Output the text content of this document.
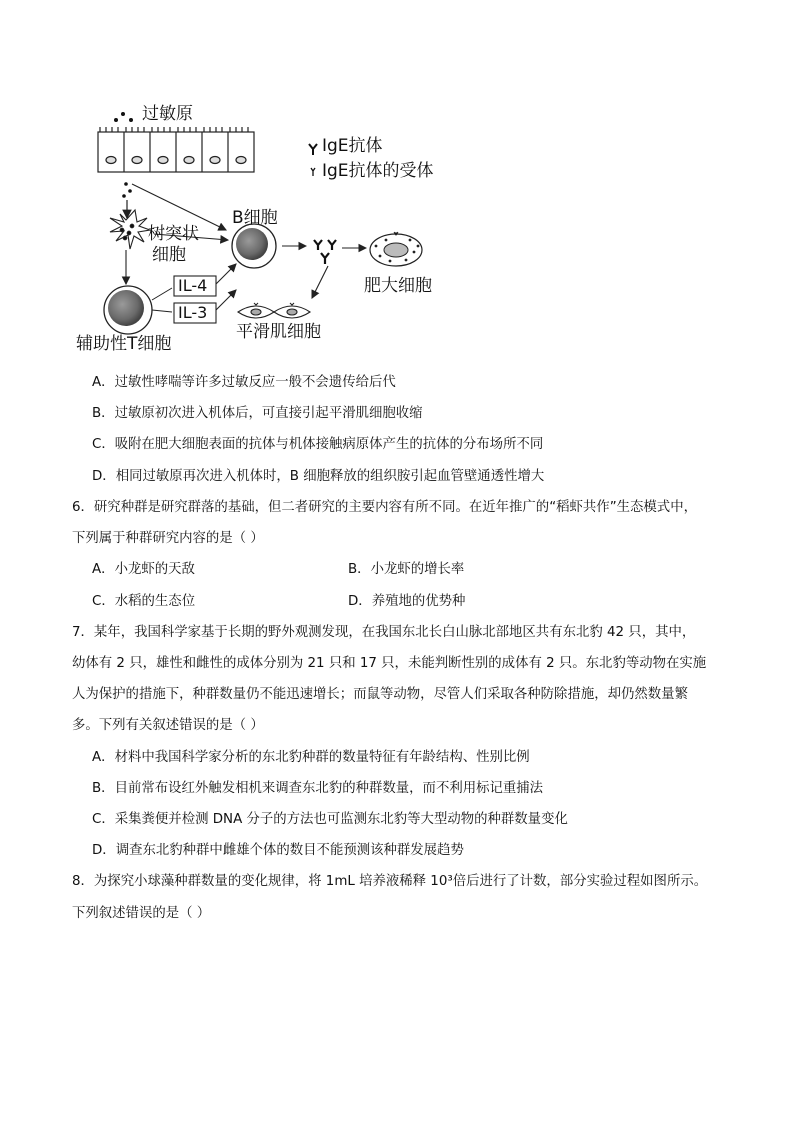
过敏原
IgE抗体
IgE抗体的受体
B细胞
树突状
细胞
肥大细胞
IL-4
IL-3
平滑肌细胞
辅助性T细胞
A．过敏性哮喘等许多过敏反应一般不会遗传给后代
B．过敏原初次进入机体后，可直接引起平滑肌细胞收缩
C．吸附在肥大细胞表面的抗体与机体接触病原体产生的抗体的分布场所不同
D．相同过敏原再次进入机体时，B 细胞释放的组织胺引起血管壁通透性增大
6．研究种群是研究群落的基础，但二者研究的主要内容有所不同。在近年推广的“稻虾共作”生态模式中，
下列属于种群研究内容的是（ ）
A．小龙虾的天敌	B．小龙虾的增长率
C．水稻的生态位	D．养殖地的优势种
7．某年，我国科学家基于长期的野外观测发现，在我国东北长白山脉北部地区共有东北豹 42 只，其中，
幼体有 2 只，雄性和雌性的成体分别为 21 只和 17 只，未能判断性别的成体有 2 只。东北豹等动物在实施
人为保护的措施下，种群数量仍不能迅速增长；而鼠等动物，尽管人们采取各种防除措施，却仍然数量繁
多。下列有关叙述错误的是（ ）
A．材料中我国科学家分析的东北豹种群的数量特征有年龄结构、性别比例
B．目前常布设红外触发相机来调查东北豹的种群数量，而不利用标记重捕法
C．采集粪便并检测 DNA 分子的方法也可监测东北豹等大型动物的种群数量变化
D．调查东北豹种群中雌雄个体的数目不能预测该种群发展趋势
8．为探究小球藻种群数量的变化规律，将 1mL 培养液稀释 10³倍后进行了计数，部分实验过程如图所示。
下列叙述错误的是（ ）
